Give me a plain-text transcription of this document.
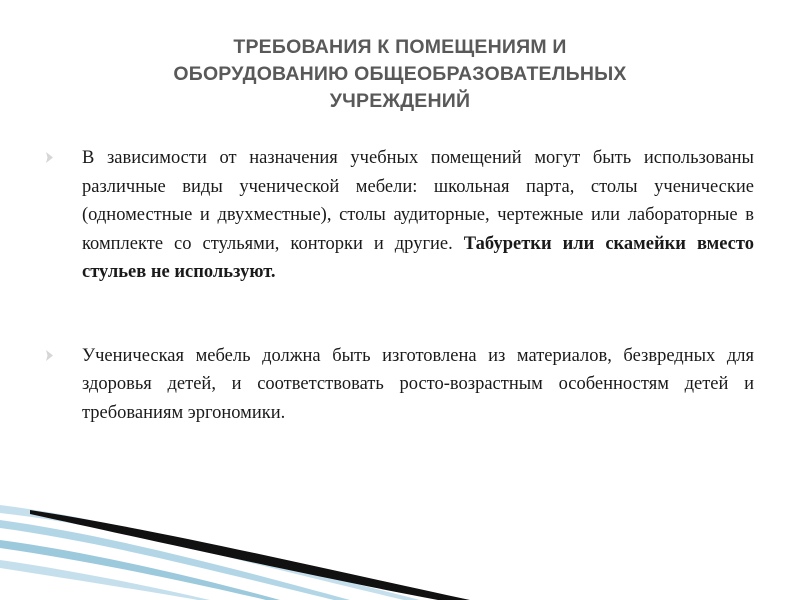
ТРЕБОВАНИЯ К ПОМЕЩЕНИЯМ И
ОБОРУДОВАНИЮ ОБЩЕОБРАЗОВАТЕЛЬНЫХ
УЧРЕЖДЕНИЙ

В зависимости от назначения учебных помещений могут быть использованы различные виды ученической мебели: школьная парта, столы ученические (одноместные и двухместные), столы аудиторные, чертежные или лабораторные в комплекте со стульями, конторки и другие. Табуретки или скамейки вместо стульев не используют.

Ученическая мебель должна быть изготовлена из материалов, безвредных для здоровья детей, и соответствовать росто-возрастным особенностям детей и требованиям эргономики.
